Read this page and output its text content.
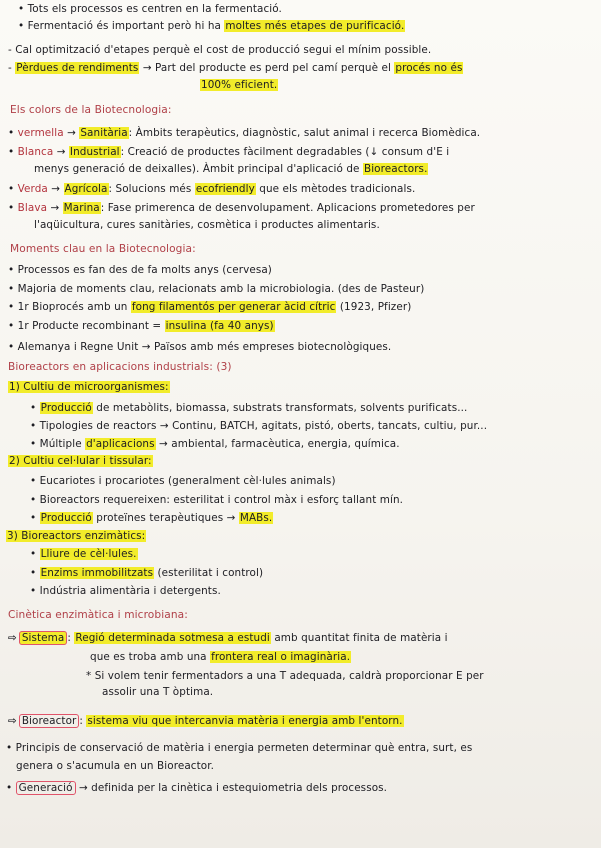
• Tots els processos es centren en la fermentació.
• Fermentació és important però hi ha moltes més etapes de purificació.
- Cal optimització d'etapes perquè el cost de producció segui el mínim possible.
- Pèrdues de rendiments → Part del producte es perd pel camí perquè el procés no és
100% eficient.
Els colors de la Biotecnologia:
• vermella → Sanitària: Àmbits terapèutics, diagnòstic, salut animal i recerca Biomèdica.
• Blanca → Industrial: Creació de productes fàcilment degradables (↓ consum d'E i
menys generació de deixalles). Àmbit principal d'aplicació de Bioreactors.
• Verda → Agrícola: Solucions més ecofriendly que els mètodes tradicionals.
• Blava → Marina: Fase primerenca de desenvolupament. Aplicacions prometedores per
l'aqüicultura, cures sanitàries, cosmètica i productes alimentaris.
Moments clau en la Biotecnologia:
• Processos es fan des de fa molts anys (cervesa)
• Majoria de moments clau, relacionats amb la microbiologia. (des de Pasteur)
• 1r Bioprocés amb un fong filamentós per generar àcid cítric (1923, Pfizer)
• 1r Producte recombinant = insulina (fa 40 anys)
• Alemanya i Regne Unit → Països amb més empreses biotecnològiques.
Bioreactors en aplicacions industrials: (3)
1) Cultiu de microorganismes:
• Producció de metabòlits, biomassa, substrats transformats, solvents purificats...
• Tipologies de reactors → Continu, BATCH, agitats, pistó, oberts, tancats, cultiu, pur...
• Múltiple d'aplicacions → ambiental, farmacèutica, energia, química.
2) Cultiu cel·lular i tissular:
• Eucariotes i procariotes (generalment cèl·lules animals)
• Bioreactors requereixen: esterilitat i control màx i esforç tallant mín.
• Producció proteïnes terapèutiques → MABs.
3) Bioreactors enzimàtics:
• Lliure de cèl·lules.
• Enzims immobilitzats (esterilitat i control)
• Indústria alimentària i detergents.
Cinètica enzimàtica i microbiana:
⇨ Sistema : Regió determinada sotmesa a estudi amb quantitat finita de matèria i
que es troba amb una frontera real o imaginària.
* Si volem tenir fermentadors a una T adequada, caldrà proporcionar E per
assolir una T òptima.
⇨ Bioreactor : sistema viu que intercanvia matèria i energia amb l'entorn.
• Principis de conservació de matèria i energia permeten determinar què entra, surt, es
genera o s'acumula en un Bioreactor.
• Generació → definida per la cinètica i estequiometria dels processos.
